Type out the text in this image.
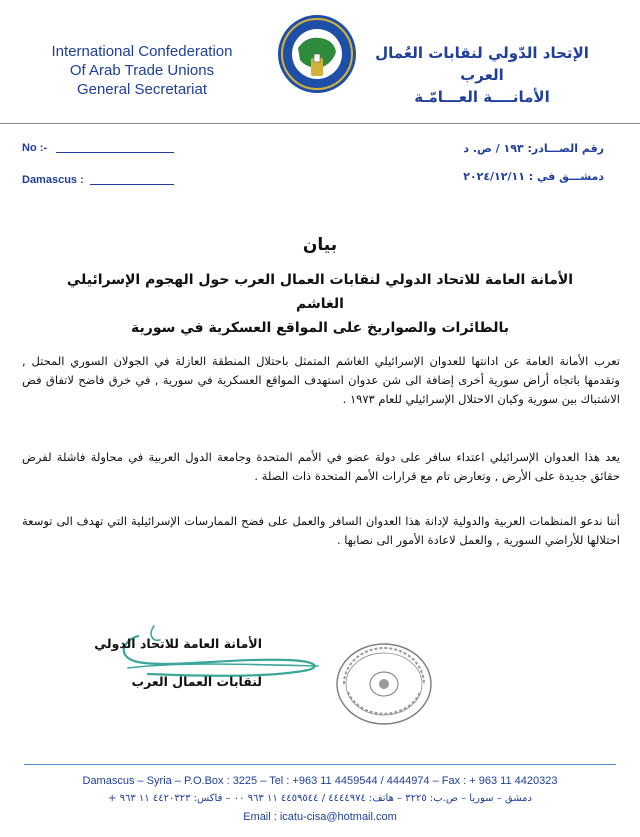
International Confederation
Of Arab Trade Unions
General Secretariat
الإتحاد الدّولي لنقابات العُمال العرب
الأمانــــة العـــامّـة
No :-
Damascus :
رقم الصـــادر: ١٩٣ / ص. د
دمشـــق في : ٢٠٢٤/١٢/١١
بيان
الأمانة العامة للاتحاد الدولي لنقابات العمال العرب حول الهجوم الإسرائيلي الغاشم
بالطائرات والصواريخ على المواقع العسكرية في سورية

تعرب الأمانة العامة عن ادانتها للعدوان الإسرائيلي الغاشم المتمثل باحتلال المنطقة العازلة في الجولان السوري المحتل , وتقدمها باتجاه أراض سورية أخرى إضافة الى شن عدوان استهدف المواقع العسكرية في سورية , في خرق فاضح لاتفاق فض الاشتباك بين سورية وكيان الاحتلال الإسرائيلي للعام ١٩٧٣ .

يعد هذا العدوان الإسرائيلي اعتداء سافر على دولة عضو في الأمم المتحدة وجامعة الدول العربية في محاولة فاشلة لفرض حقائق جديدة على الأرض , وتعارض تام مع قرارات الأمم المتحدة ذات الصلة .

أننا ندعو المنظمات العربية والدولية لإدانة هذا العدوان السافر والعمل على فضح الممارسات الإسرائيلية التي تهدف الى توسعة احتلالها للأراضي السورية , والعمل لاعادة الأمور الى نصابها .

الأمانة العامة للاتحاد الدولي
لنقابات العمال العرب
Damascus – Syria – P.O.Box : 3225 – Tel : +963 11 4459544 / 4444974 – Fax : + 963 11 4420323
دمشق – سوريا – ص.ب: ٣٢٢٥ – هاتف: ٤٤٤٤٩٧٤ / ٤٤٥٩٥٤٤ ١١ ٩٦٣ ٠٠ – فاكس: ٤٤٢٠٣٢٣ ١١ ٩٦٣ +
Email : icatu-cisa@hotmail.com
